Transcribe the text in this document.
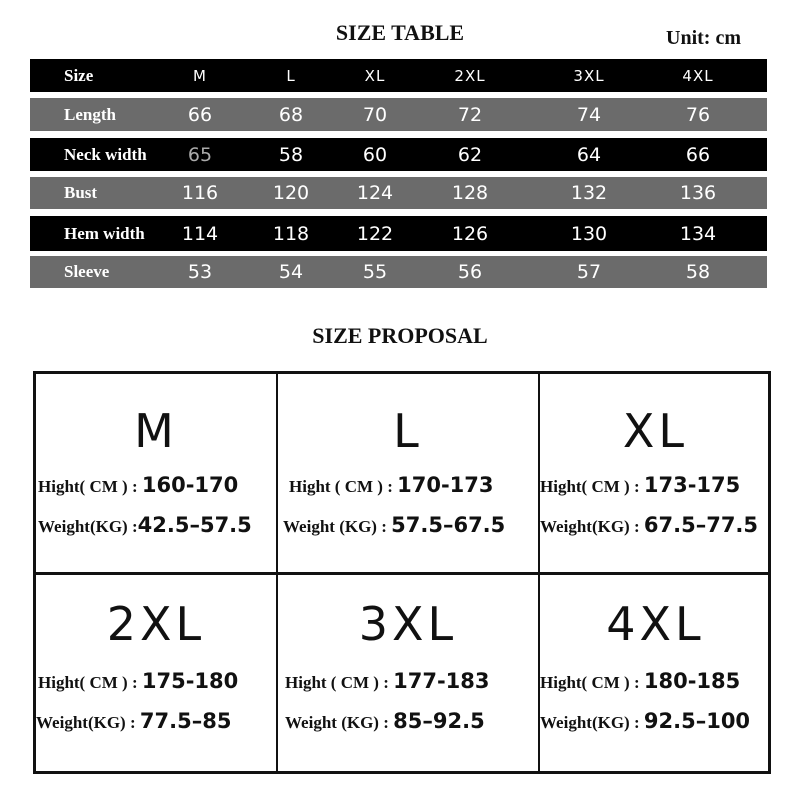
SIZE TABLE	Unit: cm
Size	M	L	XL	2XL	3XL	4XL
Length	66	68	70	72	74	76
Neck width	65	58	60	62	64	66
Bust	116	120	124	128	132	136
Hem width	114	118	122	126	130	134
Sleeve	53	54	55	56	57	58
SIZE PROPOSAL
M
Hight( CM ) : 160-170
Weight(KG) :42.5–57.5
L
Hight ( CM ) : 170-173
Weight (KG) : 57.5–67.5
XL
Hight( CM ) : 173-175
Weight(KG) : 67.5–77.5
2XL
Hight( CM ) : 175-180
Weight(KG) : 77.5–85
3XL
Hight ( CM ) : 177-183
Weight (KG) : 85–92.5
4XL
Hight( CM ) : 180-185
Weight(KG) : 92.5–100
